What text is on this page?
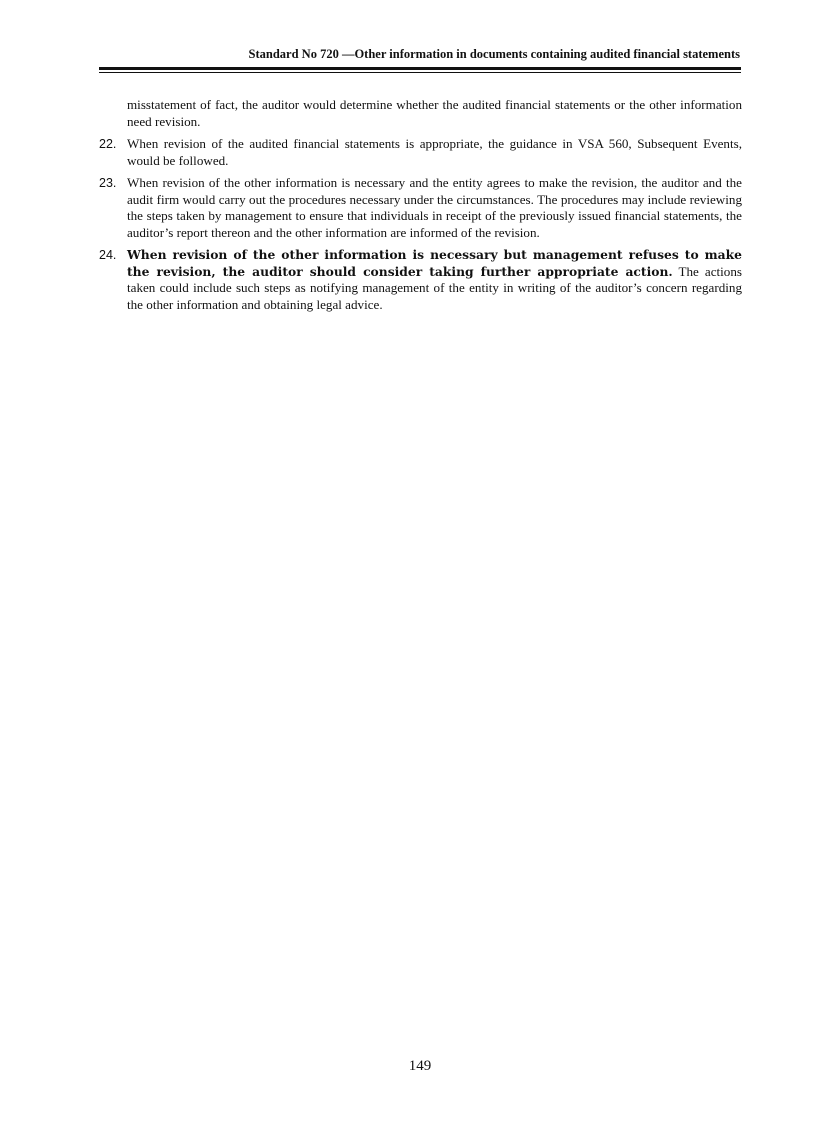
Standard No 720 —Other information in documents containing audited financial statements

misstatement of fact, the auditor would determine whether the audited financial statements or the other information need revision.

22. When revision of the audited financial statements is appropriate, the guidance in VSA 560, Subsequent Events, would be followed.
23. When revision of the other information is necessary and the entity agrees to make the revision, the auditor and the audit firm would carry out the procedures necessary under the circumstances. The procedures may include reviewing the steps taken by management to ensure that individuals in receipt of the previously issued financial statements, the auditor’s report thereon and the other information are informed of the revision.
24. When revision of the other information is necessary but management refuses to make the revision, the auditor should consider taking further appropriate action. The actions taken could include such steps as notifying management of the entity in writing of the auditor’s concern regarding the other information and obtaining legal advice.
149
